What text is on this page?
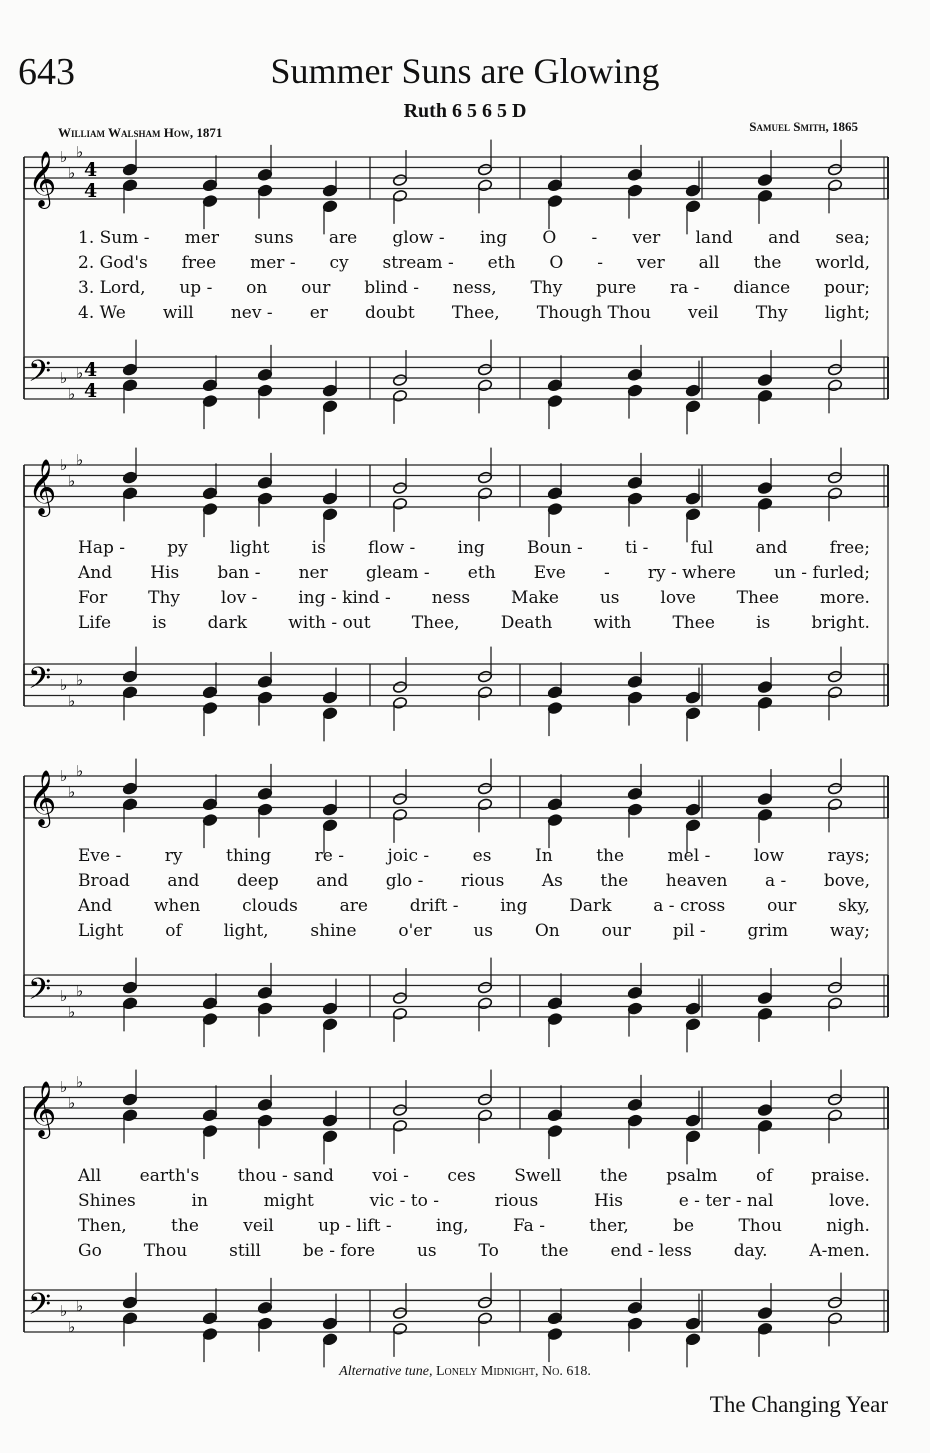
643	Summer Suns are Glowing
Ruth 6 5 6 5 D
William Walsham How, 1871	Samuel Smith, 1865
𝄞 ♭
♭
♭
4
4
𝄞 ♭
♭
♭
𝄞 ♭
♭
♭
𝄞 ♭
♭
♭
𝄢 ♭
♭
♭ 4
4
𝄢 ♭
♭
♭
𝄢 ♭
♭
♭
𝄢 ♭
♭
♭
1. Sum - mer suns are glow - ing O - ver land and sea;
2. God's free mer - cy stream - eth O - ver all the world,
3. Lord, up - on our blind - ness, Thy pure ra - diance pour;
4. We will nev - er doubt Thee, Though Thou veil Thy light;
Hap - py light is flow - ing Boun - ti - ful and free;
And His ban - ner gleam - eth Eve - ry - where un - furled;
For Thy lov - ing - kind - ness Make us love Thee more.
Life is dark with - out Thee, Death with Thee is bright.
Eve -	ry	thing	re -	joic -	es	In	the	mel -	low	rays;
Broad and deep and glo - rious As the heaven a - bove,
And when clouds are drift - ing Dark a - cross our sky,
Light of light, shine o'er us On our pil - grim way;
All earth's thou - sand voi - ces Swell the psalm of praise.
Shines	in	might	vic - to -	rious	His	e - ter - nal	love.
Then,	the	veil	up - lift -	ing,	Fa -	ther,	be	Thou	nigh.
Go Thou still be - fore us To the end - less day. A-men.
Alternative tune, Lonely Midnight, No. 618.
The Changing Year
